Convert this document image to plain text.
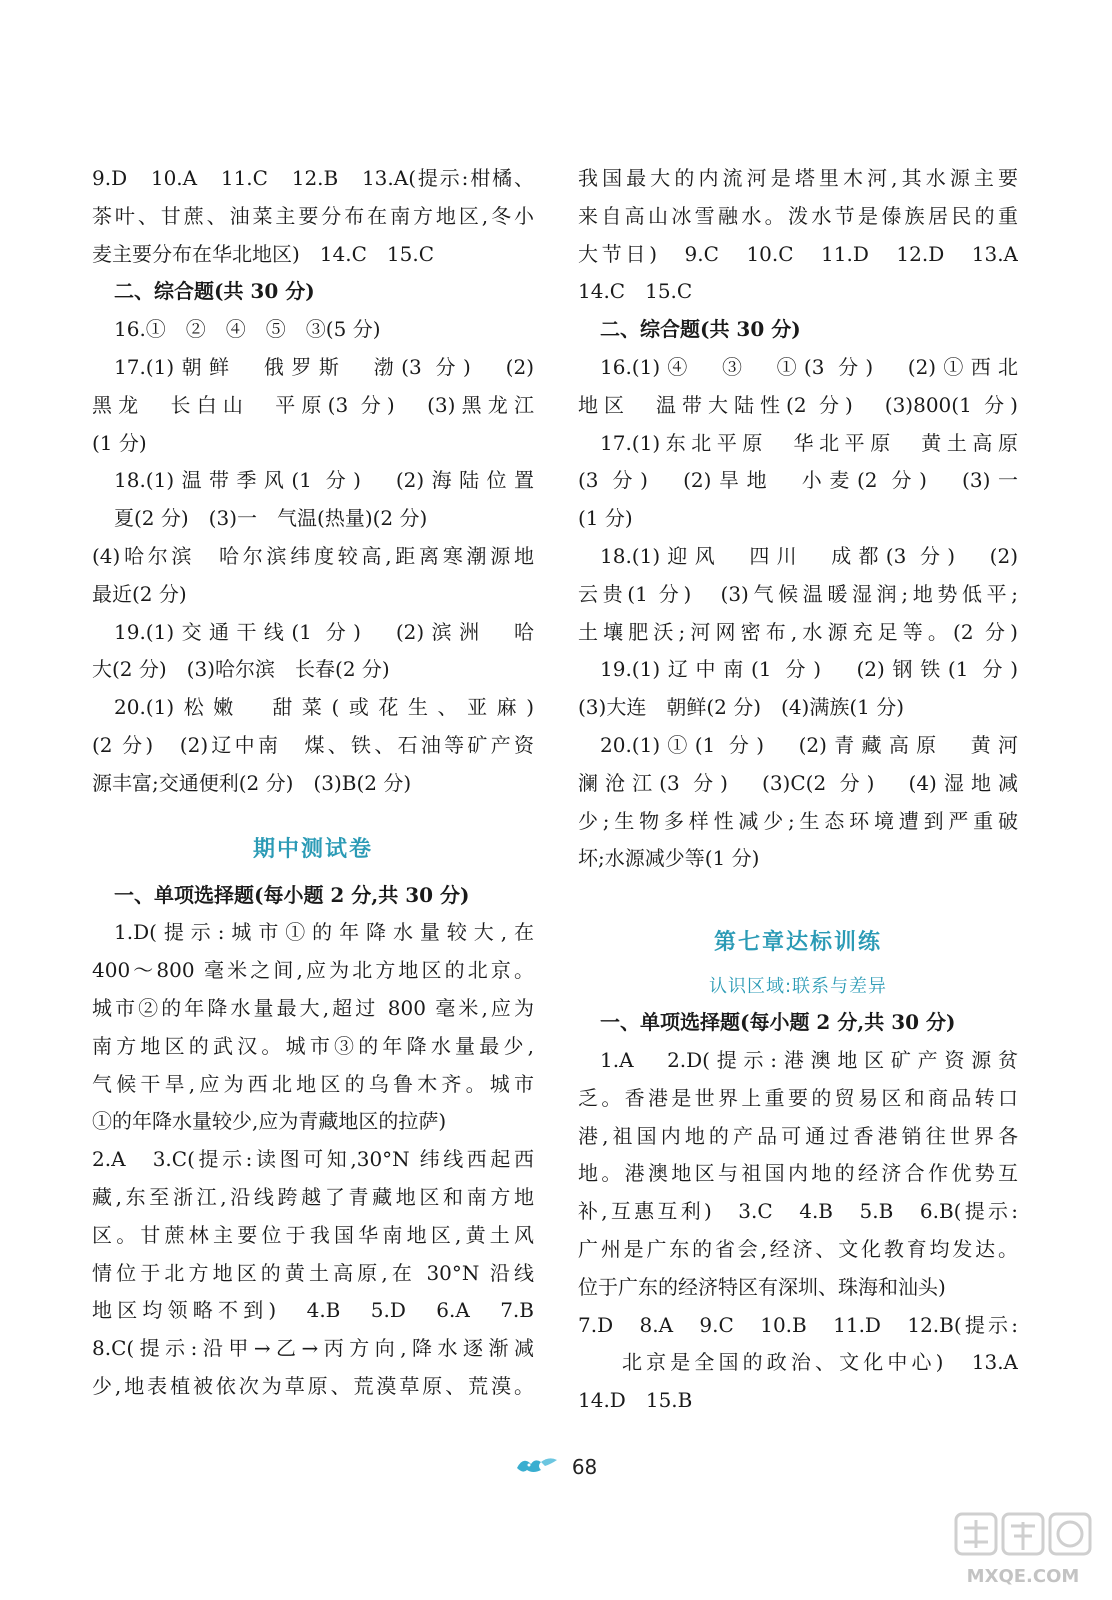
9.D　10.A　11.C　12.B　13.A(提示:柑橘、
茶叶、甘蔗、油菜主要分布在南方地区,冬小
麦主要分布在华北地区)　14.C　15.C
二、综合题(共 30 分)
16.①　②　④　⑤　③(5 分)
17.(1)朝鲜　俄罗斯　渤(3 分)　(2)
黑龙　长白山　平原(3 分)　(3)黑龙江
(1 分)
18.(1)温带季风(1 分)　(2)海陆位置
夏(2 分)　(3)一　气温(热量)(2 分)
(4)哈尔滨　哈尔滨纬度较高,距离寒潮源地
最近(2 分)
19.(1)交通干线(1 分)　(2)滨洲　哈
大(2 分)　(3)哈尔滨　长春(2 分)
20.(1)松嫩　甜菜(或花生、亚麻)
(2 分)　(2)辽中南　煤、铁、石油等矿产资
源丰富;交通便利(2 分)　(3)B(2 分)
期中测试卷
一、单项选择题(每小题 2 分,共 30 分)
1.D(提示:城市①的年降水量较大,在
400～800 毫米之间,应为北方地区的北京。
城市②的年降水量最大,超过 800 毫米,应为
南方地区的武汉。城市③的年降水量最少,
气候干旱,应为西北地区的乌鲁木齐。城市
①的年降水量较少,应为青藏地区的拉萨)
2.A　3.C(提示:读图可知,30°N 纬线西起西
藏,东至浙江,沿线跨越了青藏地区和南方地
区。甘蔗林主要位于我国华南地区,黄土风
情位于北方地区的黄土高原,在 30°N 沿线
地区均领略不到)　4.B　5.D　6.A　7.B
8.C(提示:沿甲→乙→丙方向,降水逐渐减
少,地表植被依次为草原、荒漠草原、荒漠。
我国最大的内流河是塔里木河,其水源主要
来自高山冰雪融水。泼水节是傣族居民的重
大节日)　9.C　10.C　11.D　12.D　13.A
14.C　15.C
二、综合题(共 30 分)
16.(1)④　③　①(3 分)　(2)①西北
地区　温带大陆性(2 分)　(3)800(1 分)
17.(1)东北平原　华北平原　黄土高原
(3 分)　(2)旱地　小麦(2 分)　(3)一
(1 分)
18.(1)迎风　四川　成都(3 分)　(2)
云贵(1 分)　(3)气候温暖湿润;地势低平;
土壤肥沃;河网密布,水源充足等。(2 分)
19.(1)辽中南(1 分)　(2)钢铁(1 分)
(3)大连　朝鲜(2 分)　(4)满族(1 分)
20.(1)①(1 分)　(2)青藏高原　黄河
澜沧江(3 分)　(3)C(2 分)　(4)湿地减
少;生物多样性减少;生态环境遭到严重破
坏;水源减少等(1 分)
第七章达标训练
认识区域:联系与差异
一、单项选择题(每小题 2 分,共 30 分)
1.A　2.D(提示:港澳地区矿产资源贫
乏。香港是世界上重要的贸易区和商品转口
港,祖国内地的产品可通过香港销往世界各
地。港澳地区与祖国内地的经济合作优势互
补,互惠互利)　3.C　4.B　5.B　6.B(提示:
广州是广东的省会,经济、文化教育均发达。
位于广东的经济特区有深圳、珠海和汕头)
7.D　8.A　9.C　10.B　11.D　12.B(提示:
北京是全国的政治、文化中心)　13.A
14.D　15.B
68
MXQE.COM
